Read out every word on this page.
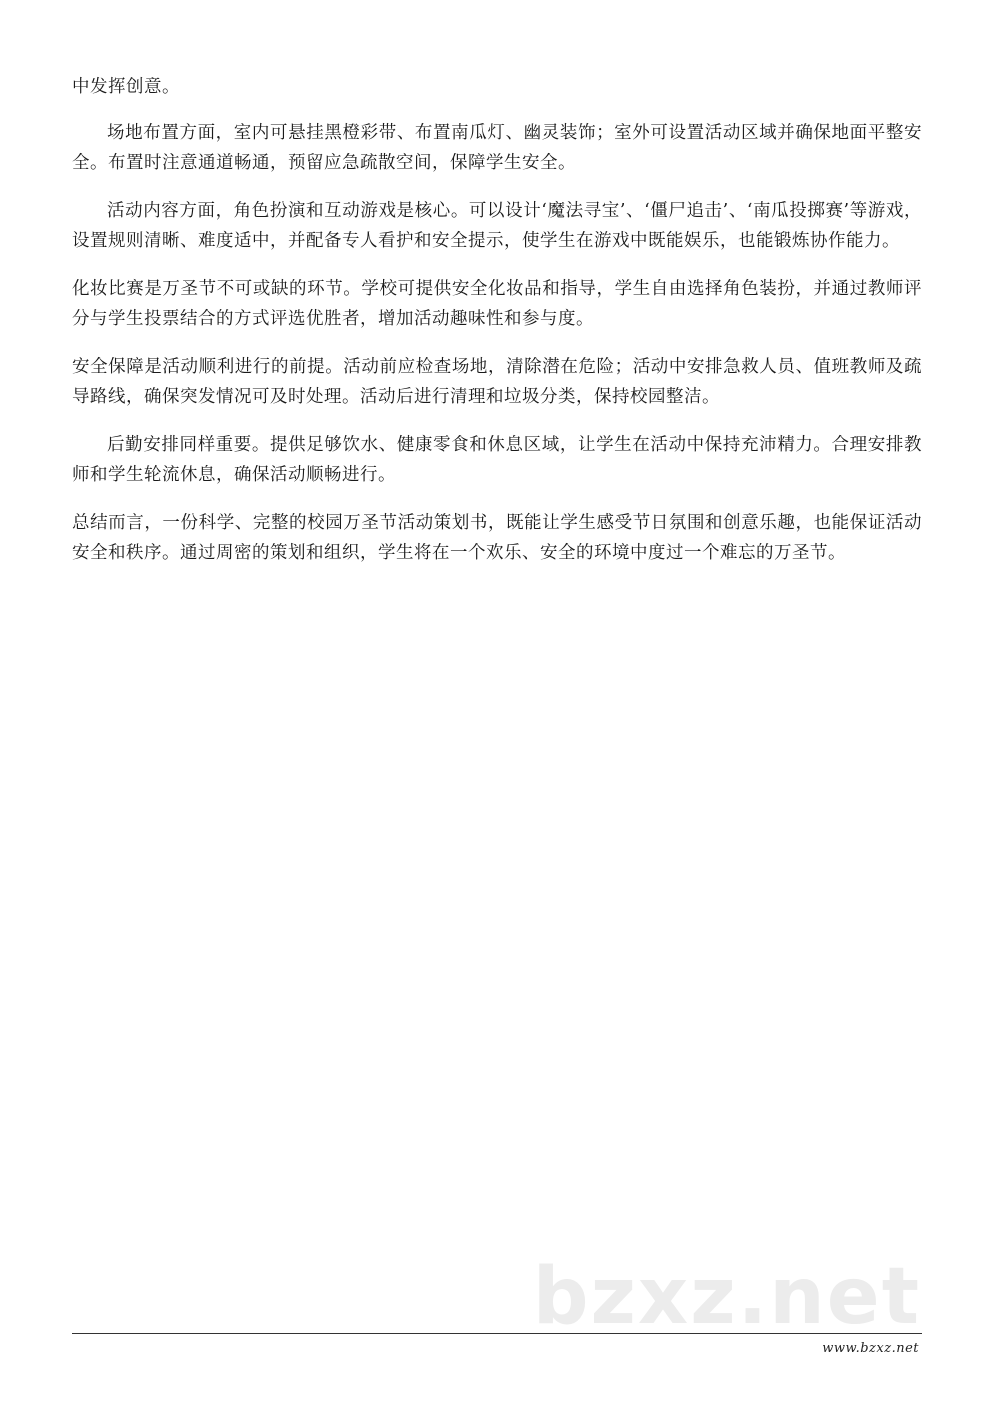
中发挥创意。

场地布置方面，室内可悬挂黑橙彩带、布置南瓜灯、幽灵装饰；室外可设置活动区域并确保地面平整安全。布置时注意通道畅通，预留应急疏散空间，保障学生安全。

活动内容方面，角色扮演和互动游戏是核心。可以设计‘魔法寻宝’、‘僵尸追击’、‘南瓜投掷赛’等游戏，设置规则清晰、难度适中，并配备专人看护和安全提示，使学生在游戏中既能娱乐，也能锻炼协作能力。

化妆比赛是万圣节不可或缺的环节。学校可提供安全化妆品和指导，学生自由选择角色装扮，并通过教师评分与学生投票结合的方式评选优胜者，增加活动趣味性和参与度。

安全保障是活动顺利进行的前提。活动前应检查场地，清除潜在危险；活动中安排急救人员、值班教师及疏导路线，确保突发情况可及时处理。活动后进行清理和垃圾分类，保持校园整洁。

后勤安排同样重要。提供足够饮水、健康零食和休息区域，让学生在活动中保持充沛精力。合理安排教师和学生轮流休息，确保活动顺畅进行。

总结而言，一份科学、完整的校园万圣节活动策划书，既能让学生感受节日氛围和创意乐趣，也能保证活动安全和秩序。通过周密的策划和组织，学生将在一个欢乐、安全的环境中度过一个难忘的万圣节。

bzxz.net
www.bzxz.net
